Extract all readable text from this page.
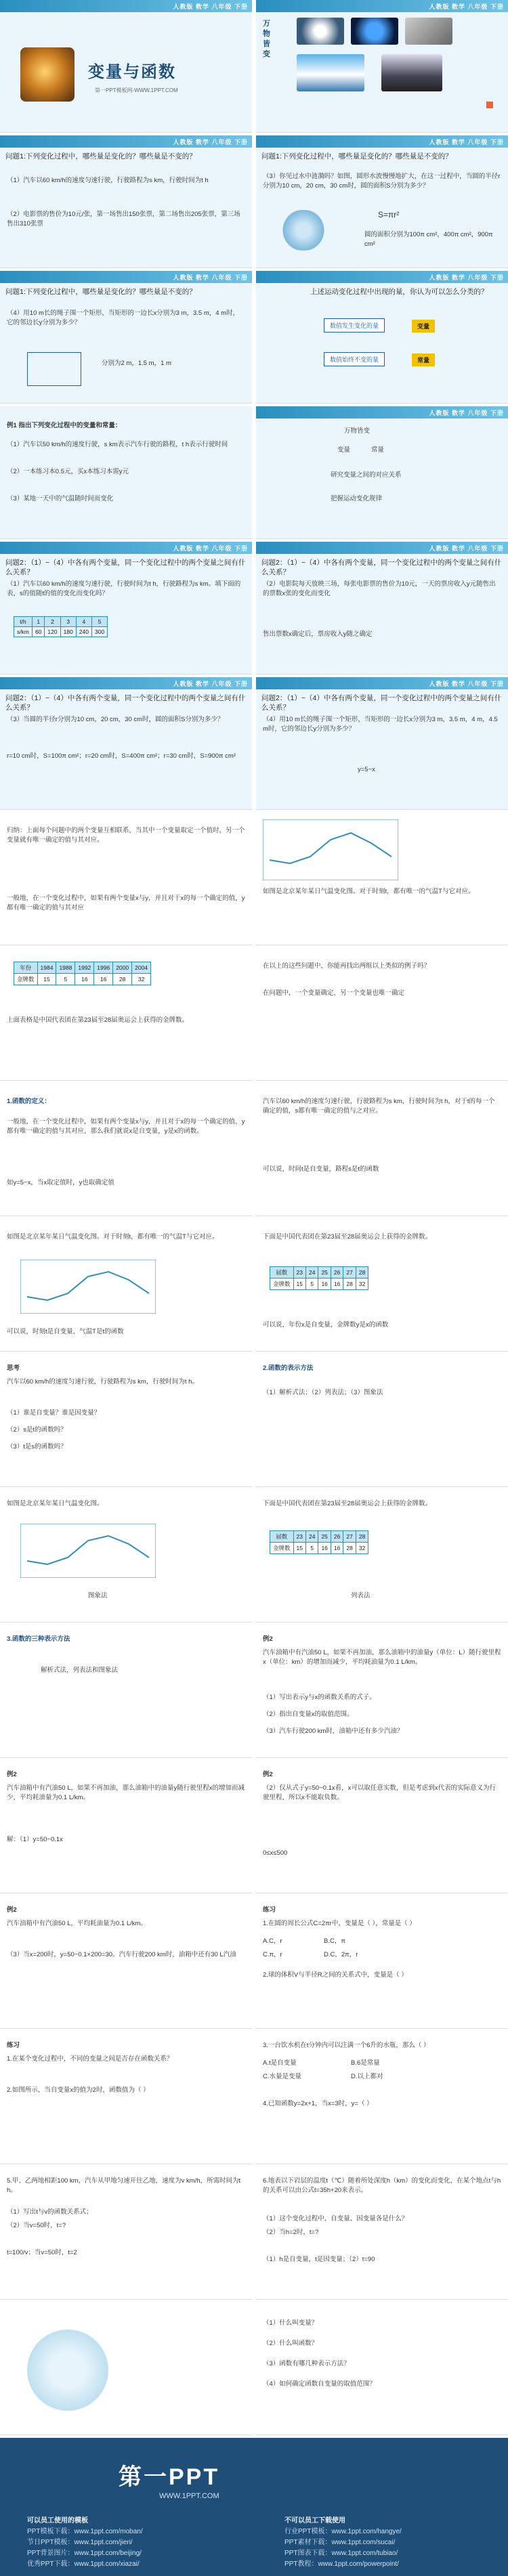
人教版 数学 八年级 下册
变量与函数
第一PPT模板网-WWW.1PPT.COM
人教版 数学 八年级 下册
万物皆变
人教版 数学 八年级 下册
问题1:下列变化过程中，哪些量是变化的？哪些量是不变的？
（1）汽车以60 km/h的速度匀速行驶，行驶路程为s km，行驶时间为t h
（2）电影票的售价为10元/张，第一场售出150张票，第二场售出205张票，第三场售出310张票
人教版 数学 八年级 下册
问题1:下列变化过程中，哪些量是变化的？哪些量是不变的？
（3）你见过水中涟漪吗？如图，圆形水波慢慢地扩大，在这一过程中，当圆的半径r分别为10 cm，20 cm，30 cm时，圆的面积S分别为多少？
S=πr²
圆的面积分别为100π cm²，400π cm²，900π cm²
人教版 数学 八年级 下册
问题1:下列变化过程中，哪些量是变化的？哪些量是不变的？
（4）用10 m长的绳子围一个矩形，当矩形的一边长x分别为3 m，3.5 m，4 m时，它的邻边长y分别为多少？
分别为2 m，1.5 m，1 m
人教版 数学 八年级 下册
上述运动变化过程中出现的量，你认为可以怎么分类的？
数值发生变化的量
数值始终不变的量
变量
常量
例1 指出下列变化过程中的变量和常量：
（1）汽车以50 km/h的速度行驶，s km表示汽车行驶的路程，t h表示行驶时间
（2）一本练习本0.5元，买x本练习本需y元
（3）某地一天中的气温随时间而变化
人教版 数学 八年级 下册
万物皆变
变量	常量
研究变量之间的对应关系
把握运动变化规律
人教版 数学 八年级 下册
问题2：（1）~（4）中各有两个变量，同一个变化过程中的两个变量之间有什么关系？
（1）汽车以60 km/h的速度匀速行驶，行驶时间为t h，行驶路程为s km。填下面的表，s的值随t的值的变化而变化吗？
t/h	1	2	3	4	5
s/km	60	120	180	240	300
人教版 数学 八年级 下册
问题2：（1）~（4）中各有两个变量，同一个变化过程中的两个变量之间有什么关系？
（2）电影院每天放映三场，每张电影票的售价为10元，一天的票房收入y元随售出的票数x张的变化而变化
售出票数x确定后，票房收入y随之确定
人教版 数学 八年级 下册
问题2：（1）~（4）中各有两个变量，同一个变化过程中的两个变量之间有什么关系？
（3）当圆的半径r分别为10 cm，20 cm，30 cm时，圆的面积S分别为多少？
r=10 cm时，S=100π cm²；r=20 cm时，S=400π cm²；r=30 cm时，S=900π cm²
人教版 数学 八年级 下册
问题2：（1）~（4）中各有两个变量，同一个变化过程中的两个变量之间有什么关系？
（4）用10 m长的绳子围一个矩形，当矩形的一边长x分别为3 m，3.5 m，4 m，4.5 m时，它的邻边长y分别为多少？
y=5−x
归纳：上面每个问题中的两个变量互相联系，当其中一个变量取定一个值时，另一个变量就有唯一确定的值与其对应。
一般地，在一个变化过程中，如果有两个变量x与y，并且对于x的每一个确定的值，y都有唯一确定的值与其对应
如图是北京某年某日气温变化图。对于时刻t，都有唯一的气温T与它对应。
年份	1984	1988	1992	1996	2000	2004
金牌数	15	5	16	16	28	32
上面表格是中国代表团在第23届至28届奥运会上获得的金牌数。
在以上的这些问题中，你能再找出两组以上类似的例子吗？
在问题中，一个变量确定，另一个变量也唯一确定
1.函数的定义：
一般地，在一个变化过程中，如果有两个变量x与y，并且对于x的每一个确定的值，y都有唯一确定的值与其对应，那么我们就说x是自变量，y是x的函数。
如y=5−x，当x取定值时，y也取确定值
汽车以60 km/h的速度匀速行驶，行驶路程为s km，行驶时间为t h，对于t的每一个确定的值，s都有唯一确定的值与之对应。
可以说，时间t是自变量，路程s是t的函数
如图是北京某年某日气温变化图。对于时刻t，都有唯一的气温T与它对应。
可以说，时刻t是自变量，气温T是t的函数
下面是中国代表团在第23届至28届奥运会上获得的金牌数。
届数	23	24	25	26	27	28
金牌数	15	5	16	16	28	32
可以说，年份x是自变量，金牌数y是x的函数
思考
汽车以60 km/h的速度匀速行驶，行驶路程为s km，行驶时间为t h。
（1）谁是自变量？谁是因变量？
（2）s是t的函数吗？
（3）t是s的函数吗？
2.函数的表示方法
（1）解析式法；（2）列表法；（3）图象法
如图是北京某年某日气温变化图。
图象法
下面是中国代表团在第23届至28届奥运会上获得的金牌数。
届数	23	24	25	26	27	28
金牌数	15	5	16	16	28	32
列表法
3.函数的三种表示方法
解析式法，列表法和图象法
例2
汽车油箱中有汽油50 L，如果不再加油，那么油箱中的油量y（单位：L）随行驶里程x（单位：km）的增加而减少，平均耗油量为0.1 L/km。
（1）写出表示y与x的函数关系的式子。
（2）指出自变量x的取值范围。
（3）汽车行驶200 km时，油箱中还有多少汽油？
例2
汽车油箱中有汽油50 L，如果不再加油，那么油箱中的油量y随行驶里程x的增加而减少，平均耗油量为0.1 L/km。
解：（1）y=50−0.1x
例2
（2）仅从式子y=50−0.1x看，x可以取任意实数，但是考虑到x代表的实际意义为行驶里程，所以x不能取负数。
0≤x≤500
例2
汽车油箱中有汽油50 L，平均耗油量为0.1 L/km。
（3）当x=200时，y=50−0.1×200=30。汽车行驶200 km时，油箱中还有30 L汽油
练习
1.在圆的周长公式C=2πr中，变量是（ ），常量是（ ）
A.C，r	B.C，π
C.π，r	D.C，2π，r
2.球的体积V与半径R之间的关系式中，变量是（ ）
练习
1.在某个变化过程中，不同的变量之间是否存在函数关系？
2.如图所示，当自变量x的值为2时，函数值为（ ）
3.一台饮水机在t分钟内可以注满一个6升的水瓶，那么（ ）
A.t是自变量	B.6是常量
C.水量是变量	D.以上都对
4.已知函数y=2x+1，当x=3时，y=（ ）
5.甲、乙两地相距100 km，汽车从甲地匀速开往乙地，速度为v km/h，所需时间为t h。
（1）写出t与v的函数关系式；
（2）当v=50时，t=?
t=100/v；当v=50时，t=2
6.地表以下岩层的温度t（℃）随着所处深度h（km）的变化而变化，在某个地点t与h的关系可以由公式t=35h+20来表示。
（1）这个变化过程中，自变量、因变量各是什么？
（2）当h=2时，t=?
（1）h是自变量，t是因变量；（2）t=90
（1）什么叫变量？
（2）什么叫函数？
（3）函数有哪几种表示方法？
（4）如何确定函数自变量的取值范围？
第一PPT
WWW.1PPT.COM
可以员工使用的模板
PPT模板下载：www.1ppt.com/moban/
节日PPT模板：www.1ppt.com/jieri/
PPT背景图片：www.1ppt.com/beijing/
优秀PPT下载：www.1ppt.com/xiazai/
不可以员工下载使用
行业PPT模板：www.1ppt.com/hangye/
PPT素材下载：www.1ppt.com/sucai/
PPT图表下载：www.1ppt.com/tubiao/
PPT教程：www.1ppt.com/powerpoint/
